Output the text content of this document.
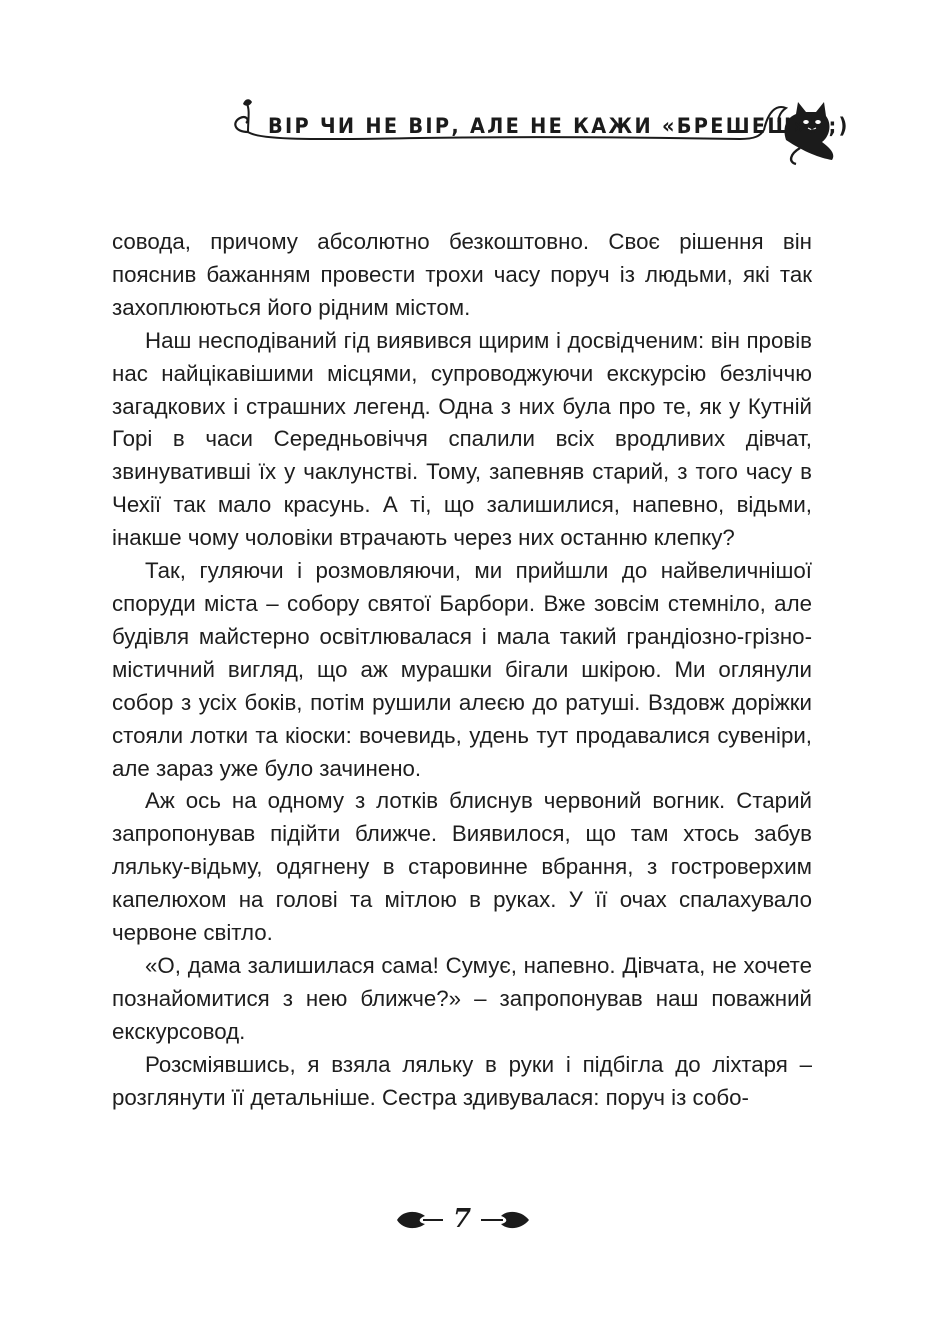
ВІР ЧИ НЕ ВІР, АЛЕ НЕ КАЖИ «БРЕШЕШ»! ;)

совода, причому абсолютно безкоштовно. Своє рішення він пояснив бажанням провести трохи часу поруч із людьми, які так захоплюються його рідним містом.

Наш несподіваний гід виявився щирим і досвідченим: він провів нас найцікавішими місцями, супроводжуючи екскурсію безліччю загадкових і страшних легенд. Одна з них була про те, як у Кутній Горі в часи Середньовіччя спалили всіх вродливих дівчат, звинуватившi їх у чаклунстві. Тому, запевняв старий, з того часу в Чехії так мало красунь. А ті, що залишилися, напевно, відьми, інакше чому чоловіки втрачають через них останню клепку?

Так, гуляючи і розмовляючи, ми прийшли до найвеличнішої споруди міста – собору святої Барбори. Вже зовсім стемніло, але будівля майстерно освітлювалася і мала такий грандіозно-грізно-містичний вигляд, що аж мурашки бігали шкірою. Ми оглянули собор з усіх боків, потім рушили алеєю до ратуші. Вздовж доріжки стояли лотки та кіоски: вочевидь, удень тут продавалися сувеніри, але зараз уже було зачинено.

Аж ось на одному з лотків блиснув червоний вогник. Старий запропонував підійти ближче. Виявилося, що там хтось забув ляльку-відьму, одягнену в старовинне вбрання, з гостроверхим капелюхом на голові та мітлою в руках. У її очах спалахувало червоне світло.

«О, дама залишилася сама! Сумує, напевно. Дівчата, не хочете познайомитися з нею ближче?» – запропонував наш поважний екскурсовод.

Розсміявшись, я взяла ляльку в руки і підбігла до ліхтаря – розглянути її детальніше. Сестра здивувалася: поруч із собо-

7
